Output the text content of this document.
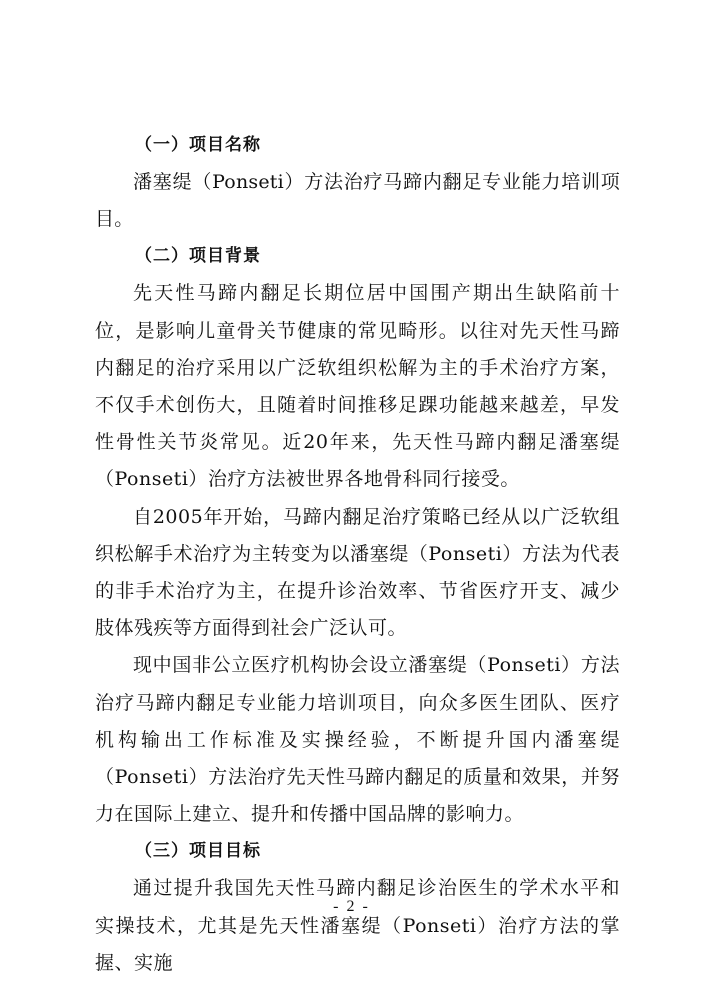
（一）项目名称

潘塞缇（Ponseti）方法治疗马蹄内翻足专业能力培训项目。

（二）项目背景

先天性马蹄内翻足长期位居中国围产期出生缺陷前十位，是影响儿童骨关节健康的常见畸形。以往对先天性马蹄内翻足的治疗采用以广泛软组织松解为主的手术治疗方案，不仅手术创伤大，且随着时间推移足踝功能越来越差，早发性骨性关节炎常见。近20年来，先天性马蹄内翻足潘塞缇（Ponseti）治疗方法被世界各地骨科同行接受。

自2005年开始，马蹄内翻足治疗策略已经从以广泛软组织松解手术治疗为主转变为以潘塞缇（Ponseti）方法为代表的非手术治疗为主，在提升诊治效率、节省医疗开支、减少肢体残疾等方面得到社会广泛认可。

现中国非公立医疗机构协会设立潘塞缇（Ponseti）方法治疗马蹄内翻足专业能力培训项目，向众多医生团队、医疗机构输出工作标准及实操经验，不断提升国内潘塞缇（Ponseti）方法治疗先天性马蹄内翻足的质量和效果，并努力在国际上建立、提升和传播中国品牌的影响力。

（三）项目目标

通过提升我国先天性马蹄内翻足诊治医生的学术水平和实操技术，尤其是先天性潘塞缇（Ponseti）治疗方法的掌握、实施

- 2 -
